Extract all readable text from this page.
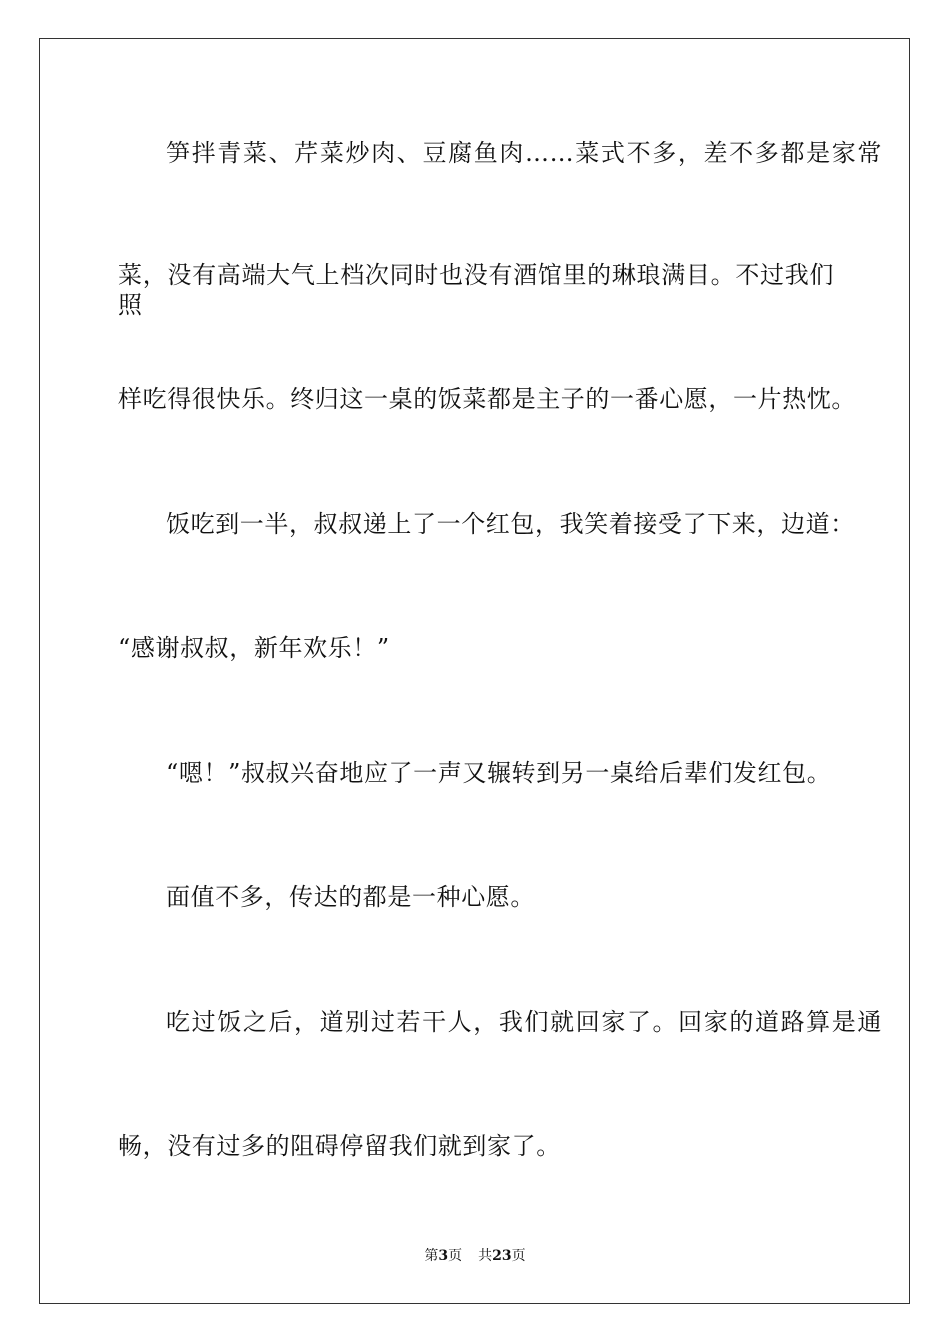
笋拌青菜、芹菜炒肉、豆腐鱼肉……菜式不多，差不多都是家常
菜，没有高端大气上档次同时也没有酒馆里的琳琅满目。不过我们照
样吃得很快乐。终归这一桌的饭菜都是主子的一番心愿，一片热忱。
饭吃到一半，叔叔递上了一个红包，我笑着接受了下来，边道：
“感谢叔叔，新年欢乐！”
“嗯！”叔叔兴奋地应了一声又辗转到另一桌给后辈们发红包。
面值不多，传达的都是一种心愿。
吃过饭之后，道别过若干人，我们就回家了。回家的道路算是通
畅，没有过多的阻碍停留我们就到家了。
第3页 共23页
